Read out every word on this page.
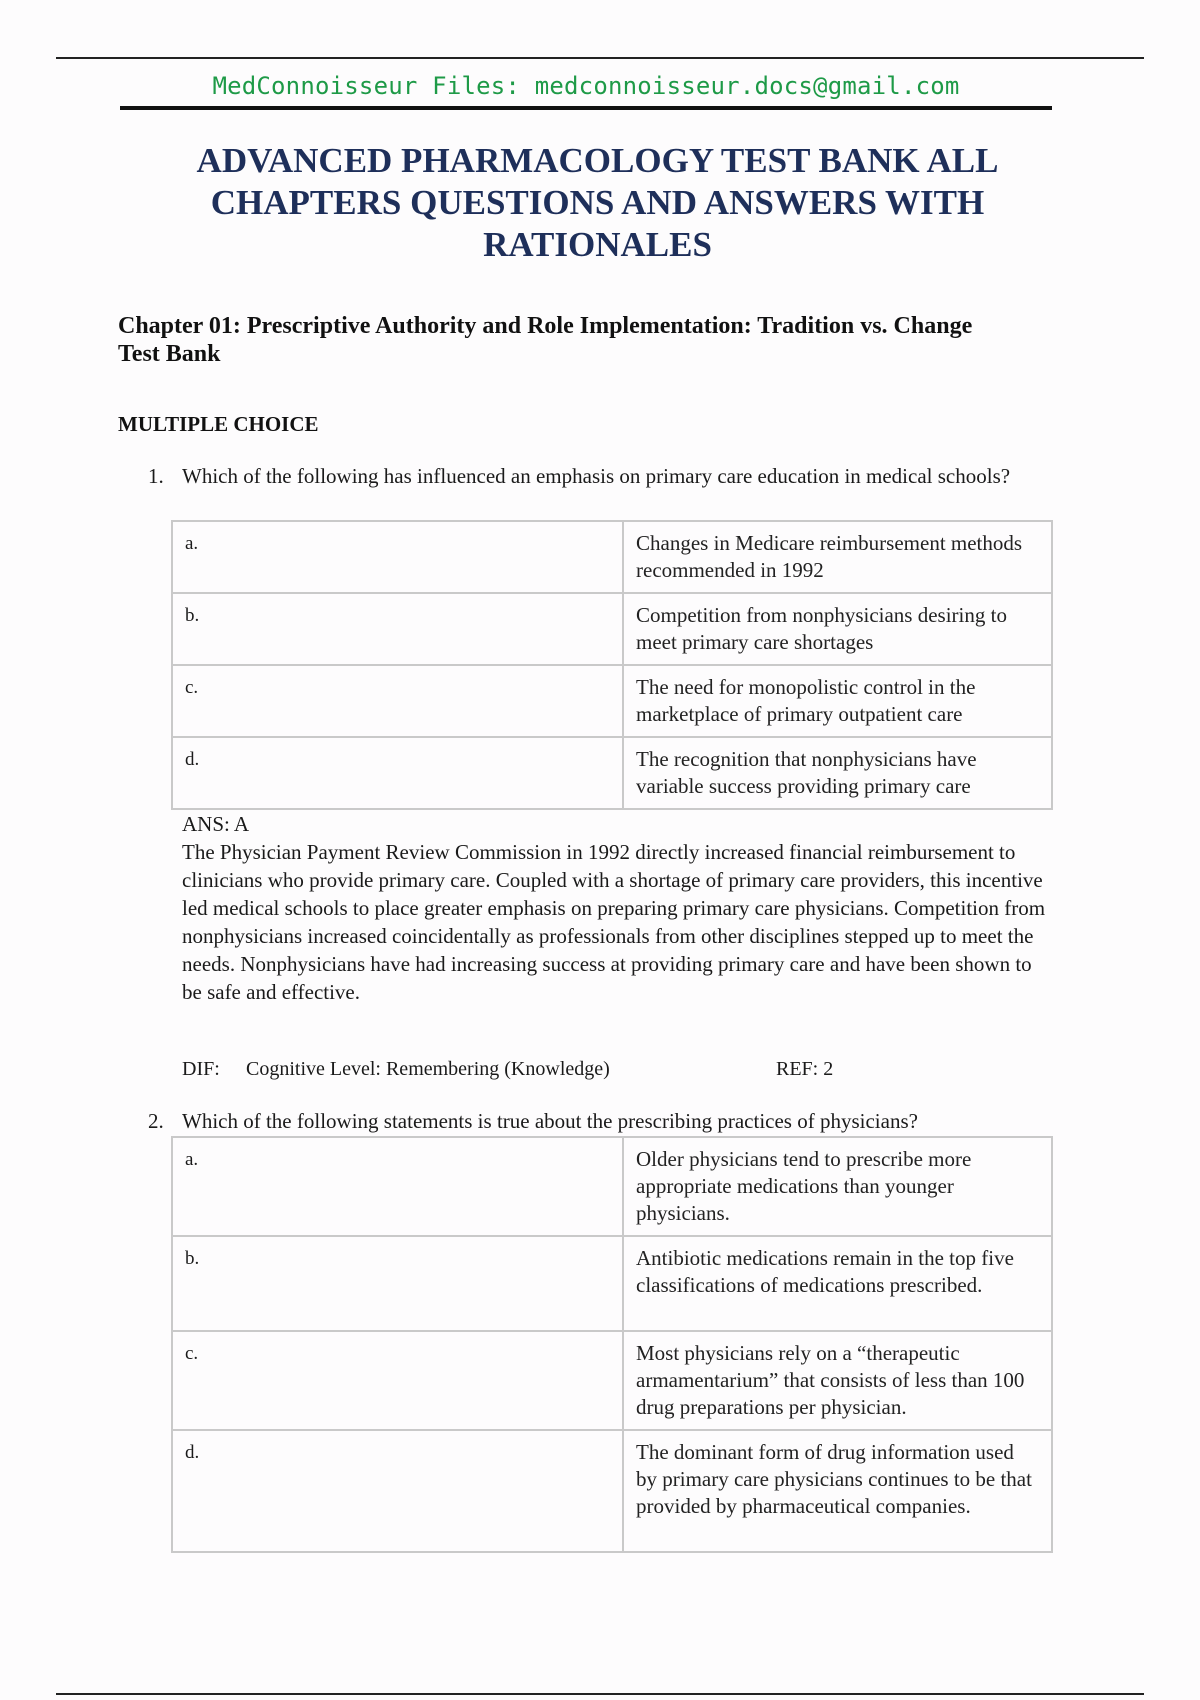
MedConnoisseur Files: medconnoisseur.docs@gmail.com
ADVANCED PHARMACOLOGY TEST BANK ALL
CHAPTERS QUESTIONS AND ANSWERS WITH
RATIONALES
Chapter 01: Prescriptive Authority and Role Implementation: Tradition vs. Change
Test Bank
MULTIPLE CHOICE
1. Which of the following has influenced an emphasis on primary care education in medical schools?
a.	Changes in Medicare reimbursement methods recommended in 1992
b.	Competition from nonphysicians desiring to meet primary care shortages
c.	The need for monopolistic control in the marketplace of primary outpatient care
d.	The recognition that nonphysicians have variable success providing primary care
ANS: A
The Physician Payment Review Commission in 1992 directly increased financial reimbursement to clinicians who provide primary care. Coupled with a shortage of primary care providers, this incentive led medical schools to place greater emphasis on preparing primary care physicians. Competition from nonphysicians increased coincidentally as professionals from other disciplines stepped up to meet the needs. Nonphysicians have had increasing success at providing primary care and have been shown to be safe and effective.
DIF: Cognitive Level: Remembering (Knowledge)	REF: 2
2. Which of the following statements is true about the prescribing practices of physicians?
a.	Older physicians tend to prescribe more appropriate medications than younger physicians.
b.	Antibiotic medications remain in the top five classifications of medications prescribed.
c.	Most physicians rely on a “therapeutic armamentarium” that consists of less than 100 drug preparations per physician.
d.	The dominant form of drug information used by primary care physicians continues to be that provided by pharmaceutical companies.
